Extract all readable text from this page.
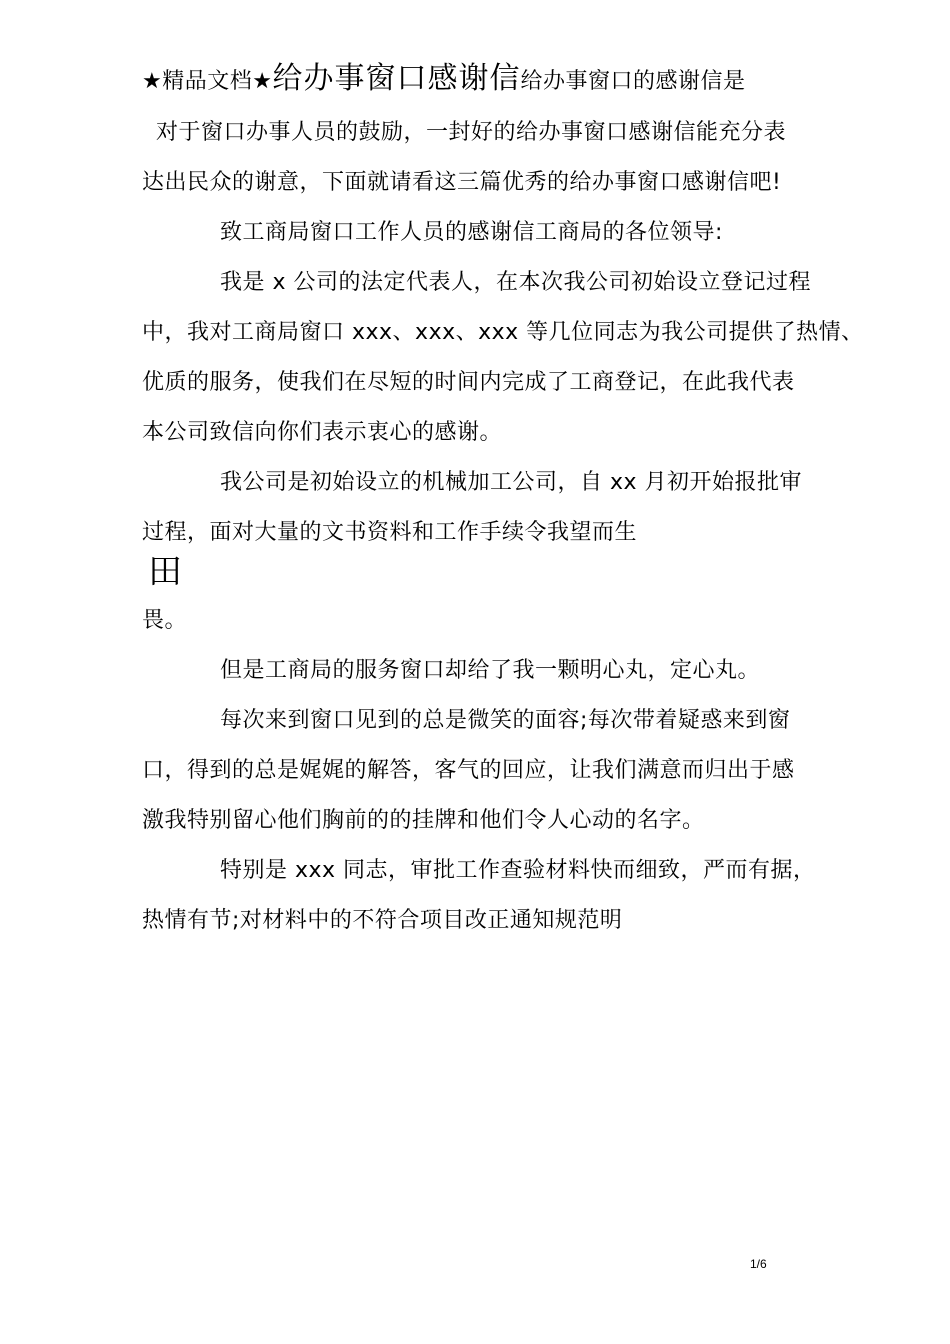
★精品文档★给办事窗口感谢信给办事窗口的感谢信是
对于窗口办事人员的鼓励，一封好的给办事窗口感谢信能充分表
达出民众的谢意，下面就请看这三篇优秀的给办事窗口感谢信吧!
致工商局窗口工作人员的感谢信工商局的各位领导:
我是 x 公司的法定代表人，在本次我公司初始设立登记过程
中，我对工商局窗口 xxx、xxx、xxx 等几位同志为我公司提供了热情、
优质的服务，使我们在尽短的时间内完成了工商登记，在此我代表
本公司致信向你们表示衷心的感谢。
我公司是初始设立的机械加工公司，自 xx 月初开始报批审
过程，面对大量的文书资料和工作手续令我望而生
田
畏。
但是工商局的服务窗口却给了我一颗明心丸，定心丸。
每次来到窗口见到的总是微笑的面容;每次带着疑惑来到窗
口，得到的总是娓娓的解答，客气的回应，让我们满意而归出于感
激我特别留心他们胸前的的挂牌和他们令人心动的名字。
特别是 xxx 同志，审批工作查验材料快而细致，严而有据，
热情有节;对材料中的不符合项目改正通知规范明
1/6
